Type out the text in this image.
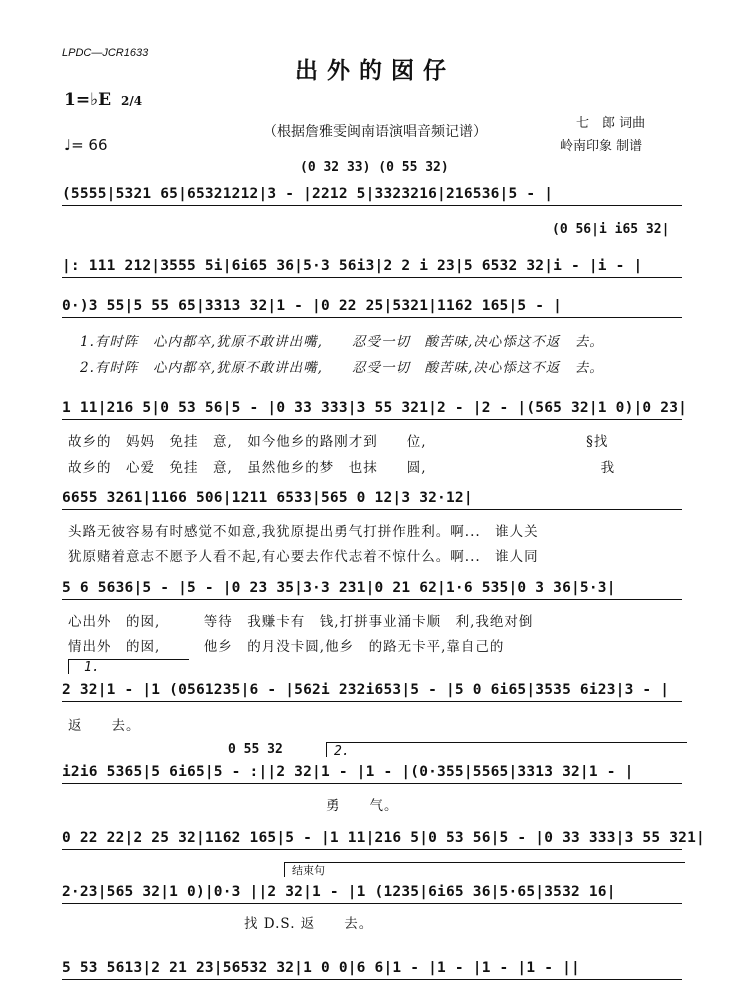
LPDC—JCR1633
出外的囡仔
1=♭E 2/4
♩= 66
（根据詹雅雯闽南语演唱音频记谱）
七　郎 词曲
岭南印象 制谱
(0 32 33) (0 55 32)
(5555|5321 65|65321212|3 - |2212 5|3323216|216536|5 - |
(0 56|i i65 32|
|: 111 212|3555 5i|6i65 36|5·3 56i3|2 2 i 23|5 6532 32|i - |i - |
0·)3 55|5 55 65|3313 32|1 - |0 22 25|5321|1162 165|5 - |
1.有时阵　心内都卒,犹原不敢讲出嘴,　　忍受一切　酸苦味,决心悿这不返　去。
2.有时阵　心内都卒,犹原不敢讲出嘴,　　忍受一切　酸苦味,决心悿这不返　去。
1 11|216 5|0 53 56|5 - |0 33 333|3 55 321|2 - |2 - |(565 32|1 0)|0 23|
故乡的　妈妈　免挂　意,　如今他乡的路刚才到　　位,　　　　　　　　　　　§找
故乡的　心爱　免挂　意,　虽然他乡的梦　也抹　　圆,　　　　　　　　　　　　我
6655 3261|1166 506|1211 6533|565 0 12|3 32·12|
头路无彼容易有时感觉不如意,我犹原提出勇气打拼作胜利。啊...　谁人关
犹原赌着意志不愿予人看不起,有心要去作代志着不惊什么。啊...　谁人同
5 6 5636|5 - |5 - |0 23 35|3·3 231|0 21 62|1·6 535|0 3 36|5·3|
心出外　的囡,　　　等待　我赚卡有　钱,打拼事业涌卡顺　利,我绝对倒
情出外　的囡,　　　他乡　的月没卡圆,他乡　的路无卡平,靠自己的
1.
2 32|1 - |1 (0561235|6 - |562i 232i653|5 - |5 0 6i65|3535 6i23|3 - |
返　　去。
0 55 32	2.
i2i6 5365|5 6i65|5 - :||2 32|1 - |1 - |(0·355|5565|3313 32|1 - |
勇　　气。
0 22 22|2 25 32|1162 165|5 - |1 11|216 5|0 53 56|5 - |0 33 333|3 55 321|
结束句
2·23|565 32|1 0)|0·3 ||2 32|1 - |1 (1235|6i65 36|5·65|3532 16|
找 D.S. 返　　去。
5 53 5613|2 21 23|56532 32|1 0 0|6 6|1 - |1 - |1 - |1 - ||
